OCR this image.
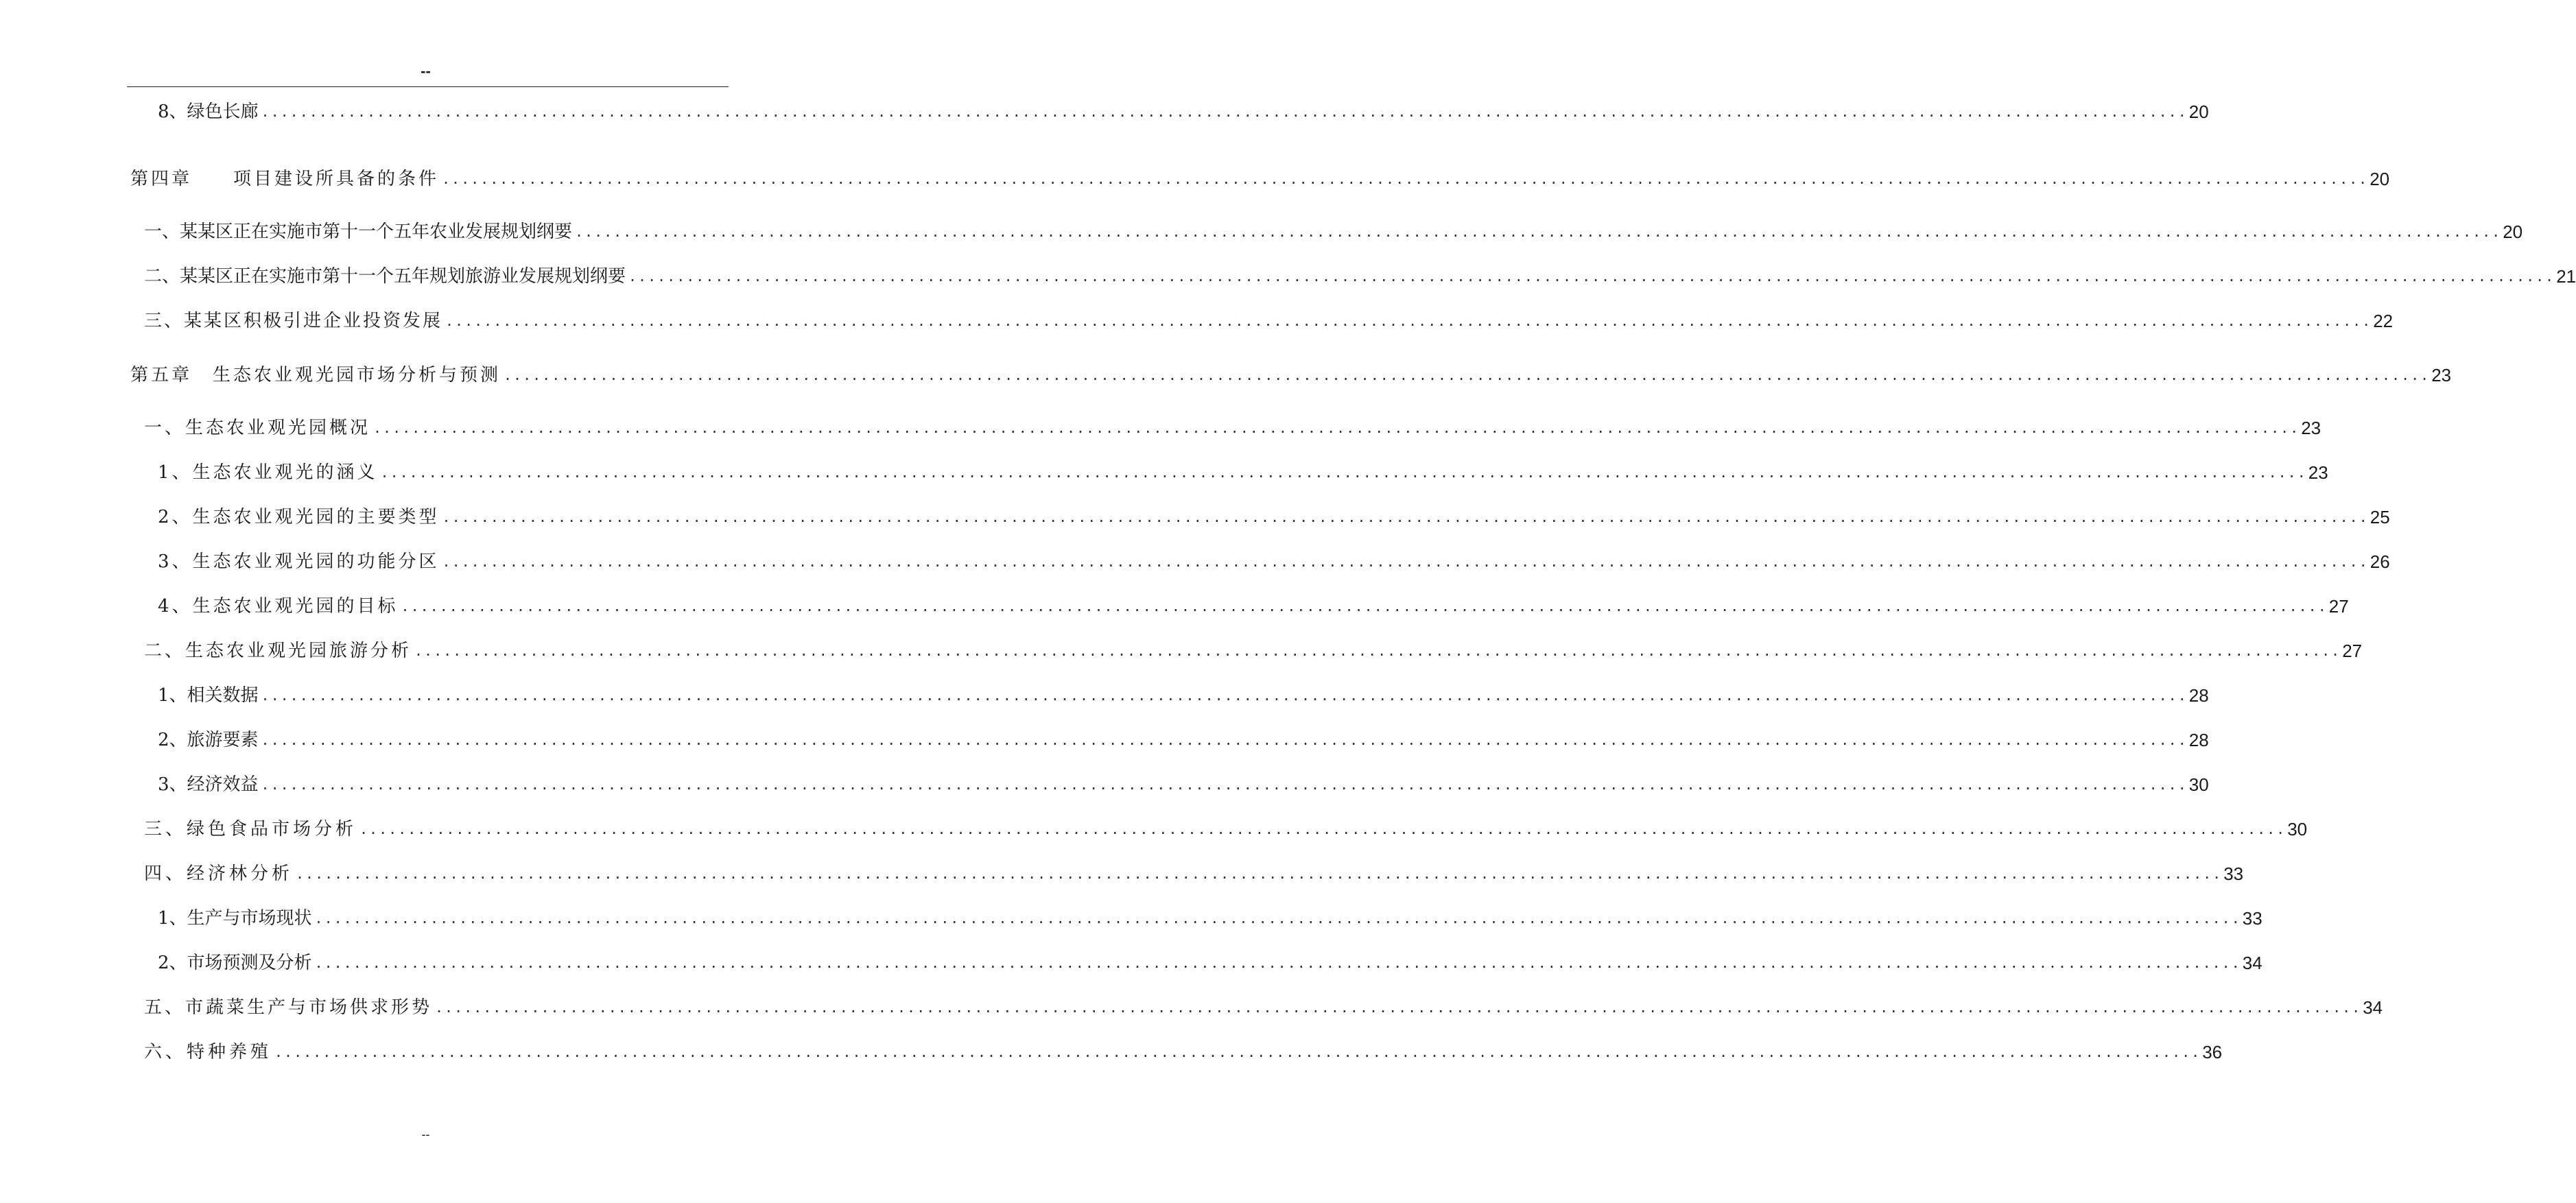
--
8、绿色长廊 ........................................................................................................................................................................................................ 20
第四章　　项目建设所具备的条件 ........................................................................................................................................................................................................ 20
一、某某区正在实施市第十一个五年农业发展规划纲要 ........................................................................................................................................................................................................ 20
二、某某区正在实施市第十一个五年规划旅游业发展规划纲要 ........................................................................................................................................................................................................ 21
三、某某区积极引进企业投资发展 ........................................................................................................................................................................................................ 22
第五章　生态农业观光园市场分析与预测 ........................................................................................................................................................................................................ 23
一、生态农业观光园概况 ........................................................................................................................................................................................................ 23
1、生态农业观光的涵义 ........................................................................................................................................................................................................ 23
2、生态农业观光园的主要类型 ........................................................................................................................................................................................................ 25
3、生态农业观光园的功能分区 ........................................................................................................................................................................................................ 26
4、生态农业观光园的目标 ........................................................................................................................................................................................................ 27
二、生态农业观光园旅游分析 ........................................................................................................................................................................................................ 27
1、相关数据 ........................................................................................................................................................................................................ 28
2、旅游要素 ........................................................................................................................................................................................................ 28
3、经济效益 ........................................................................................................................................................................................................ 30
三、绿色食品市场分析 ........................................................................................................................................................................................................ 30
四、经济林分析 ........................................................................................................................................................................................................ 33
1、生产与市场现状 ........................................................................................................................................................................................................ 33
2、市场预测及分析 ........................................................................................................................................................................................................ 34
五、市蔬菜生产与市场供求形势 ........................................................................................................................................................................................................ 34
六、特种养殖 ........................................................................................................................................................................................................ 36
--
